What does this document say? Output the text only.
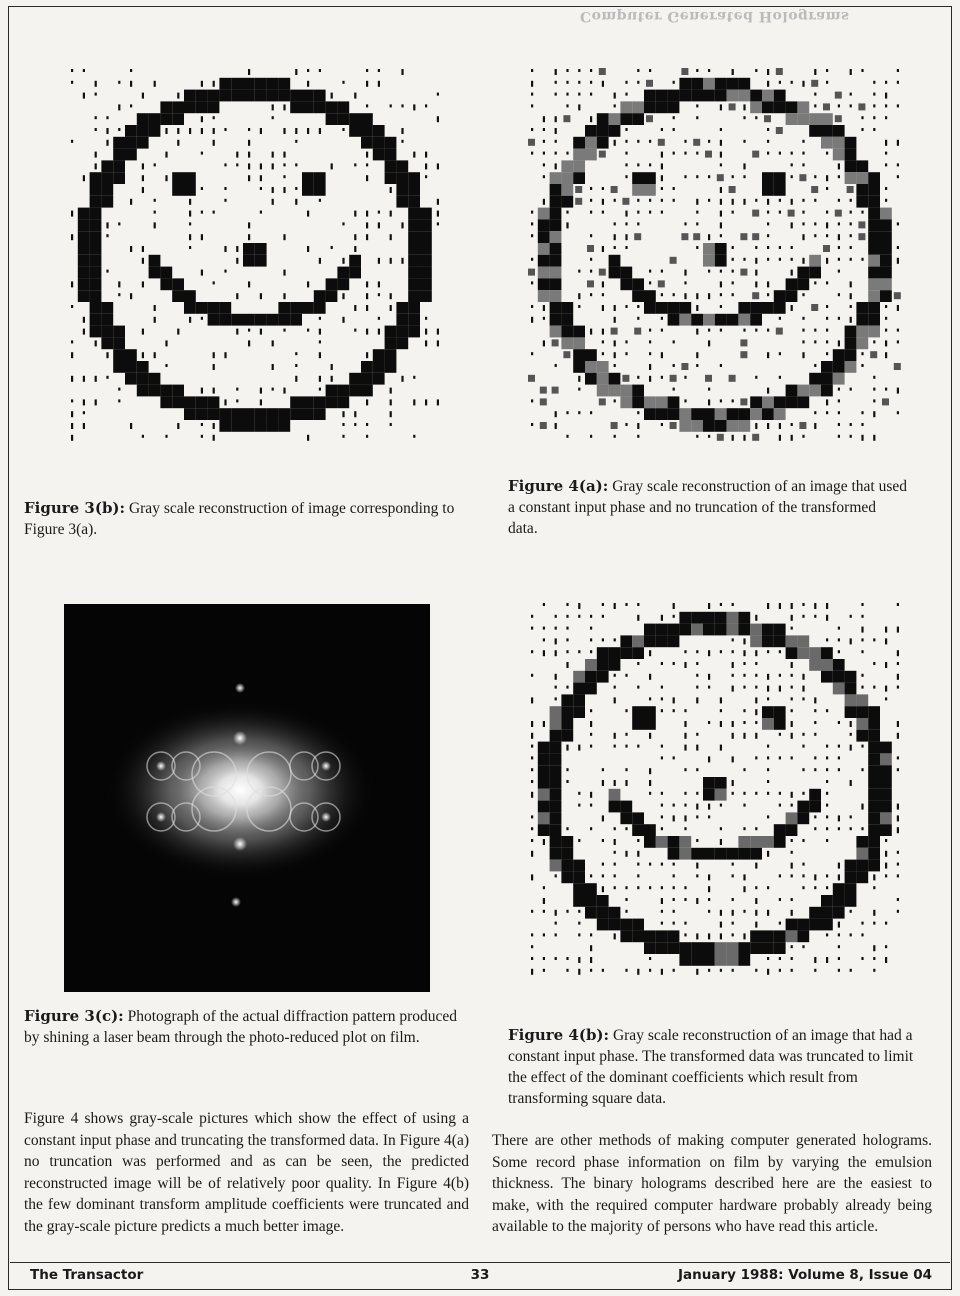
Computer Generated Holograms
Figure 3(b): Gray scale reconstruction of image corresponding to Figure 3(a).
Figure 4(a): Gray scale reconstruction of an image that used a constant input phase and no truncation of the transformed data.
Figure 3(c): Photograph of the actual diffraction pattern produced by shining a laser beam through the photo-reduced plot on film.	Figure 4(b): Gray scale reconstruction of an image that had a constant input phase. The transformed data was truncated to limit the effect of the dominant coefficients which result from transforming square data.
Figure 4 shows gray-scale pictures which show the effect of using a constant input phase and truncating the transformed data. In Figure 4(a) no truncation was performed and as can be seen, the predicted reconstructed image will be of relatively poor quality. In Figure 4(b) the few dominant transform amplitude coefficients were truncated and the gray-scale picture predicts a much better image.
There are other methods of making computer generated holograms. Some record phase information on film by varying the emulsion thickness. The binary holograms described here are the easiest to make, with the required computer hardware probably already being available to the majority of persons who have read this article.
The Transactor	33	January 1988: Volume 8, Issue 04
